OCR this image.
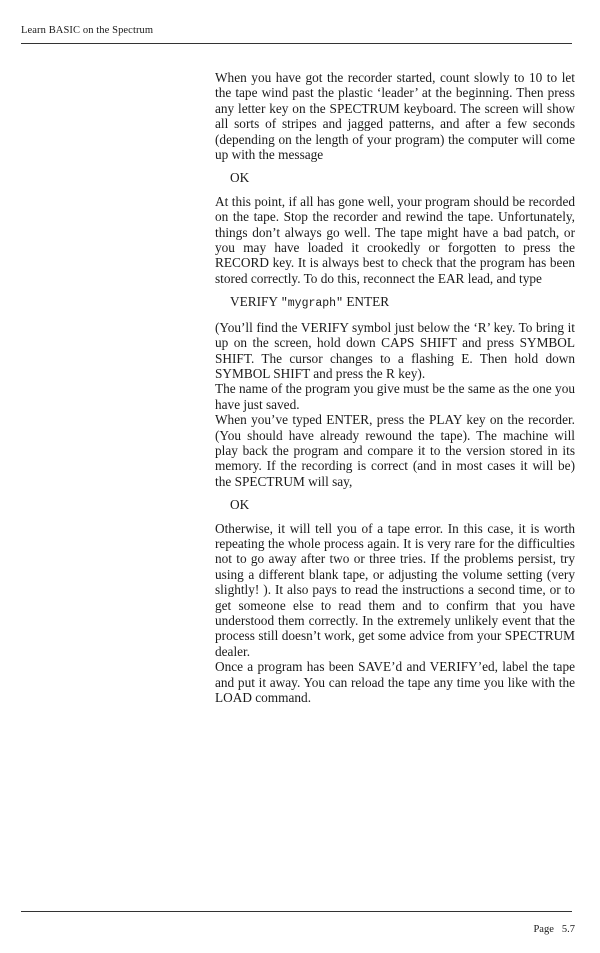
Learn BASIC on the Spectrum

When you have got the recorder started, count slowly to 10 to let the tape wind past the plastic ‘leader’ at the beginning. Then press any letter key on the SPECTRUM keyboard. The screen will show all sorts of stripes and jagged patterns, and after a few seconds (depending on the length of your program) the computer will come up with the message

OK

At this point, if all has gone well, your program should be recorded on the tape. Stop the recorder and rewind the tape. Unfortunately, things don’t always go well. The tape might have a bad patch, or you may have loaded it crookedly or forgotten to press the RECORD key. It is always best to check that the program has been stored correctly. To do this, reconnect the EAR lead, and type

VERIFY "mygraph" ENTER

(You’ll find the VERIFY symbol just below the ‘R’ key. To bring it up on the screen, hold down CAPS SHIFT and press SYMBOL SHIFT. The cursor changes to a flashing E. Then hold down SYMBOL SHIFT and press the R key).

The name of the program you give must be the same as the one you have just saved.

When you’ve typed ENTER, press the PLAY key on the recorder. (You should have already rewound the tape). The machine will play back the program and compare it to the version stored in its memory. If the recording is correct (and in most cases it will be) the SPECTRUM will say,

OK

Otherwise, it will tell you of a tape error. In this case, it is worth repeating the whole process again. It is very rare for the difficulties not to go away after two or three tries. If the problems persist, try using a different blank tape, or adjusting the volume setting (very slightly! ). It also pays to read the instructions a second time, or to get someone else to read them and to confirm that you have understood them correctly. In the extremely unlikely event that the process still doesn’t work, get some advice from your SPECTRUM dealer.

Once a program has been SAVE’d and VERIFY’ed, label the tape and put it away. You can reload the tape any time you like with the LOAD command.

Page 5.7
